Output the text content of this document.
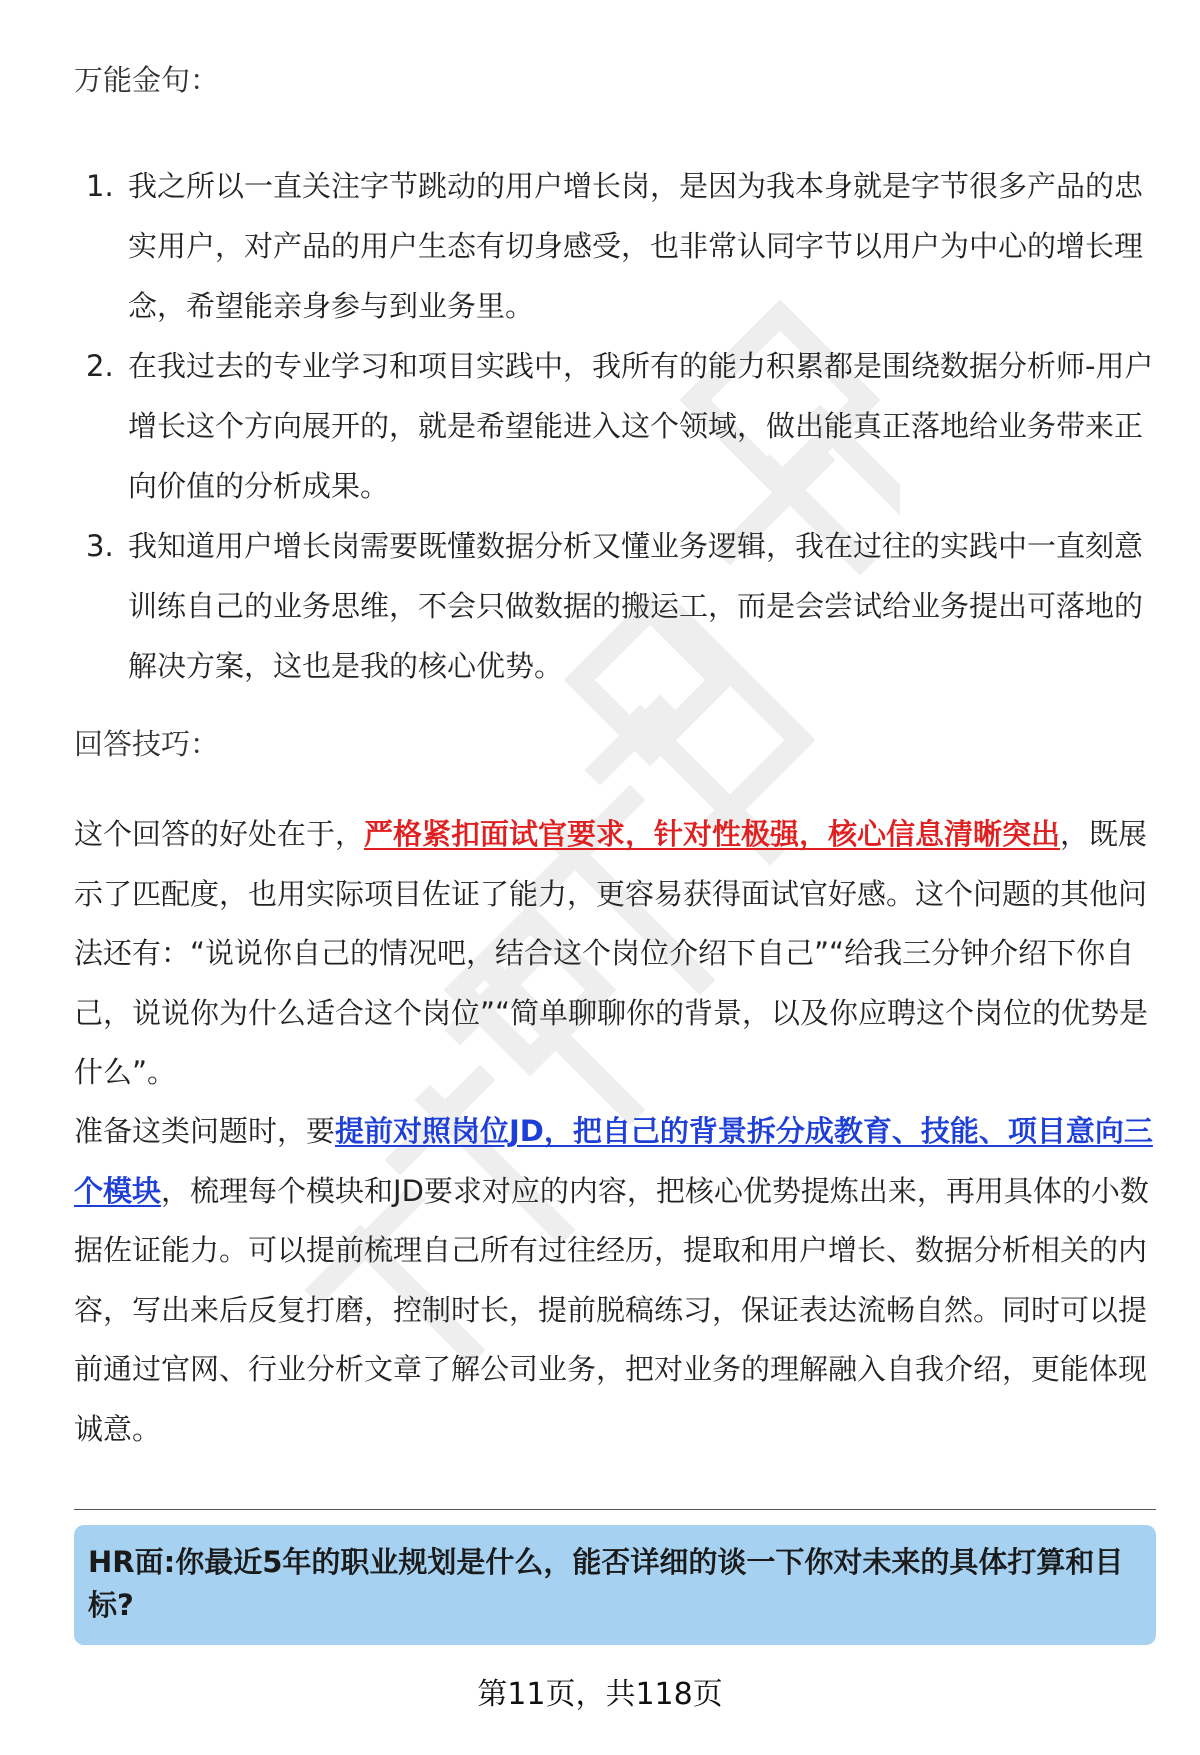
万能金句：
1. 我之所以一直关注字节跳动的用户增长岗，是因为我本身就是字节很多产品的忠实用户，对产品的用户生态有切身感受，也非常认同字节以用户为中心的增长理念，希望能亲身参与到业务里。
2. 在我过去的专业学习和项目实践中，我所有的能力积累都是围绕数据分析师-用户增长这个方向展开的，就是希望能进入这个领域，做出能真正落地给业务带来正向价值的分析成果。
3. 我知道用户增长岗需要既懂数据分析又懂业务逻辑，我在过往的实践中一直刻意训练自己的业务思维，不会只做数据的搬运工，而是会尝试给业务提出可落地的解决方案，这也是我的核心优势。
回答技巧：

这个回答的好处在于，严格紧扣面试官要求，针对性极强，核心信息清晰突出，既展示了匹配度，也用实际项目佐证了能力，更容易获得面试官好感。这个问题的其他问法还有：“说说你自己的情况吧，结合这个岗位介绍下自己”“给我三分钟介绍下你自己，说说你为什么适合这个岗位”“简单聊聊你的背景，以及你应聘这个岗位的优势是什么”。

准备这类问题时，要提前对照岗位JD，把自己的背景拆分成教育、技能、项目意向三个模块，梳理每个模块和JD要求对应的内容，把核心优势提炼出来，再用具体的小数据佐证能力。可以提前梳理自己所有过往经历，提取和用户增长、数据分析相关的内容，写出来后反复打磨，控制时长，提前脱稿练习，保证表达流畅自然。同时可以提前通过官网、行业分析文章了解公司业务，把对业务的理解融入自我介绍，更能体现诚意。

HR面:你最近5年的职业规划是什么，能否详细的谈一下你对未来的具体打算和目标?
第11页，共118页
